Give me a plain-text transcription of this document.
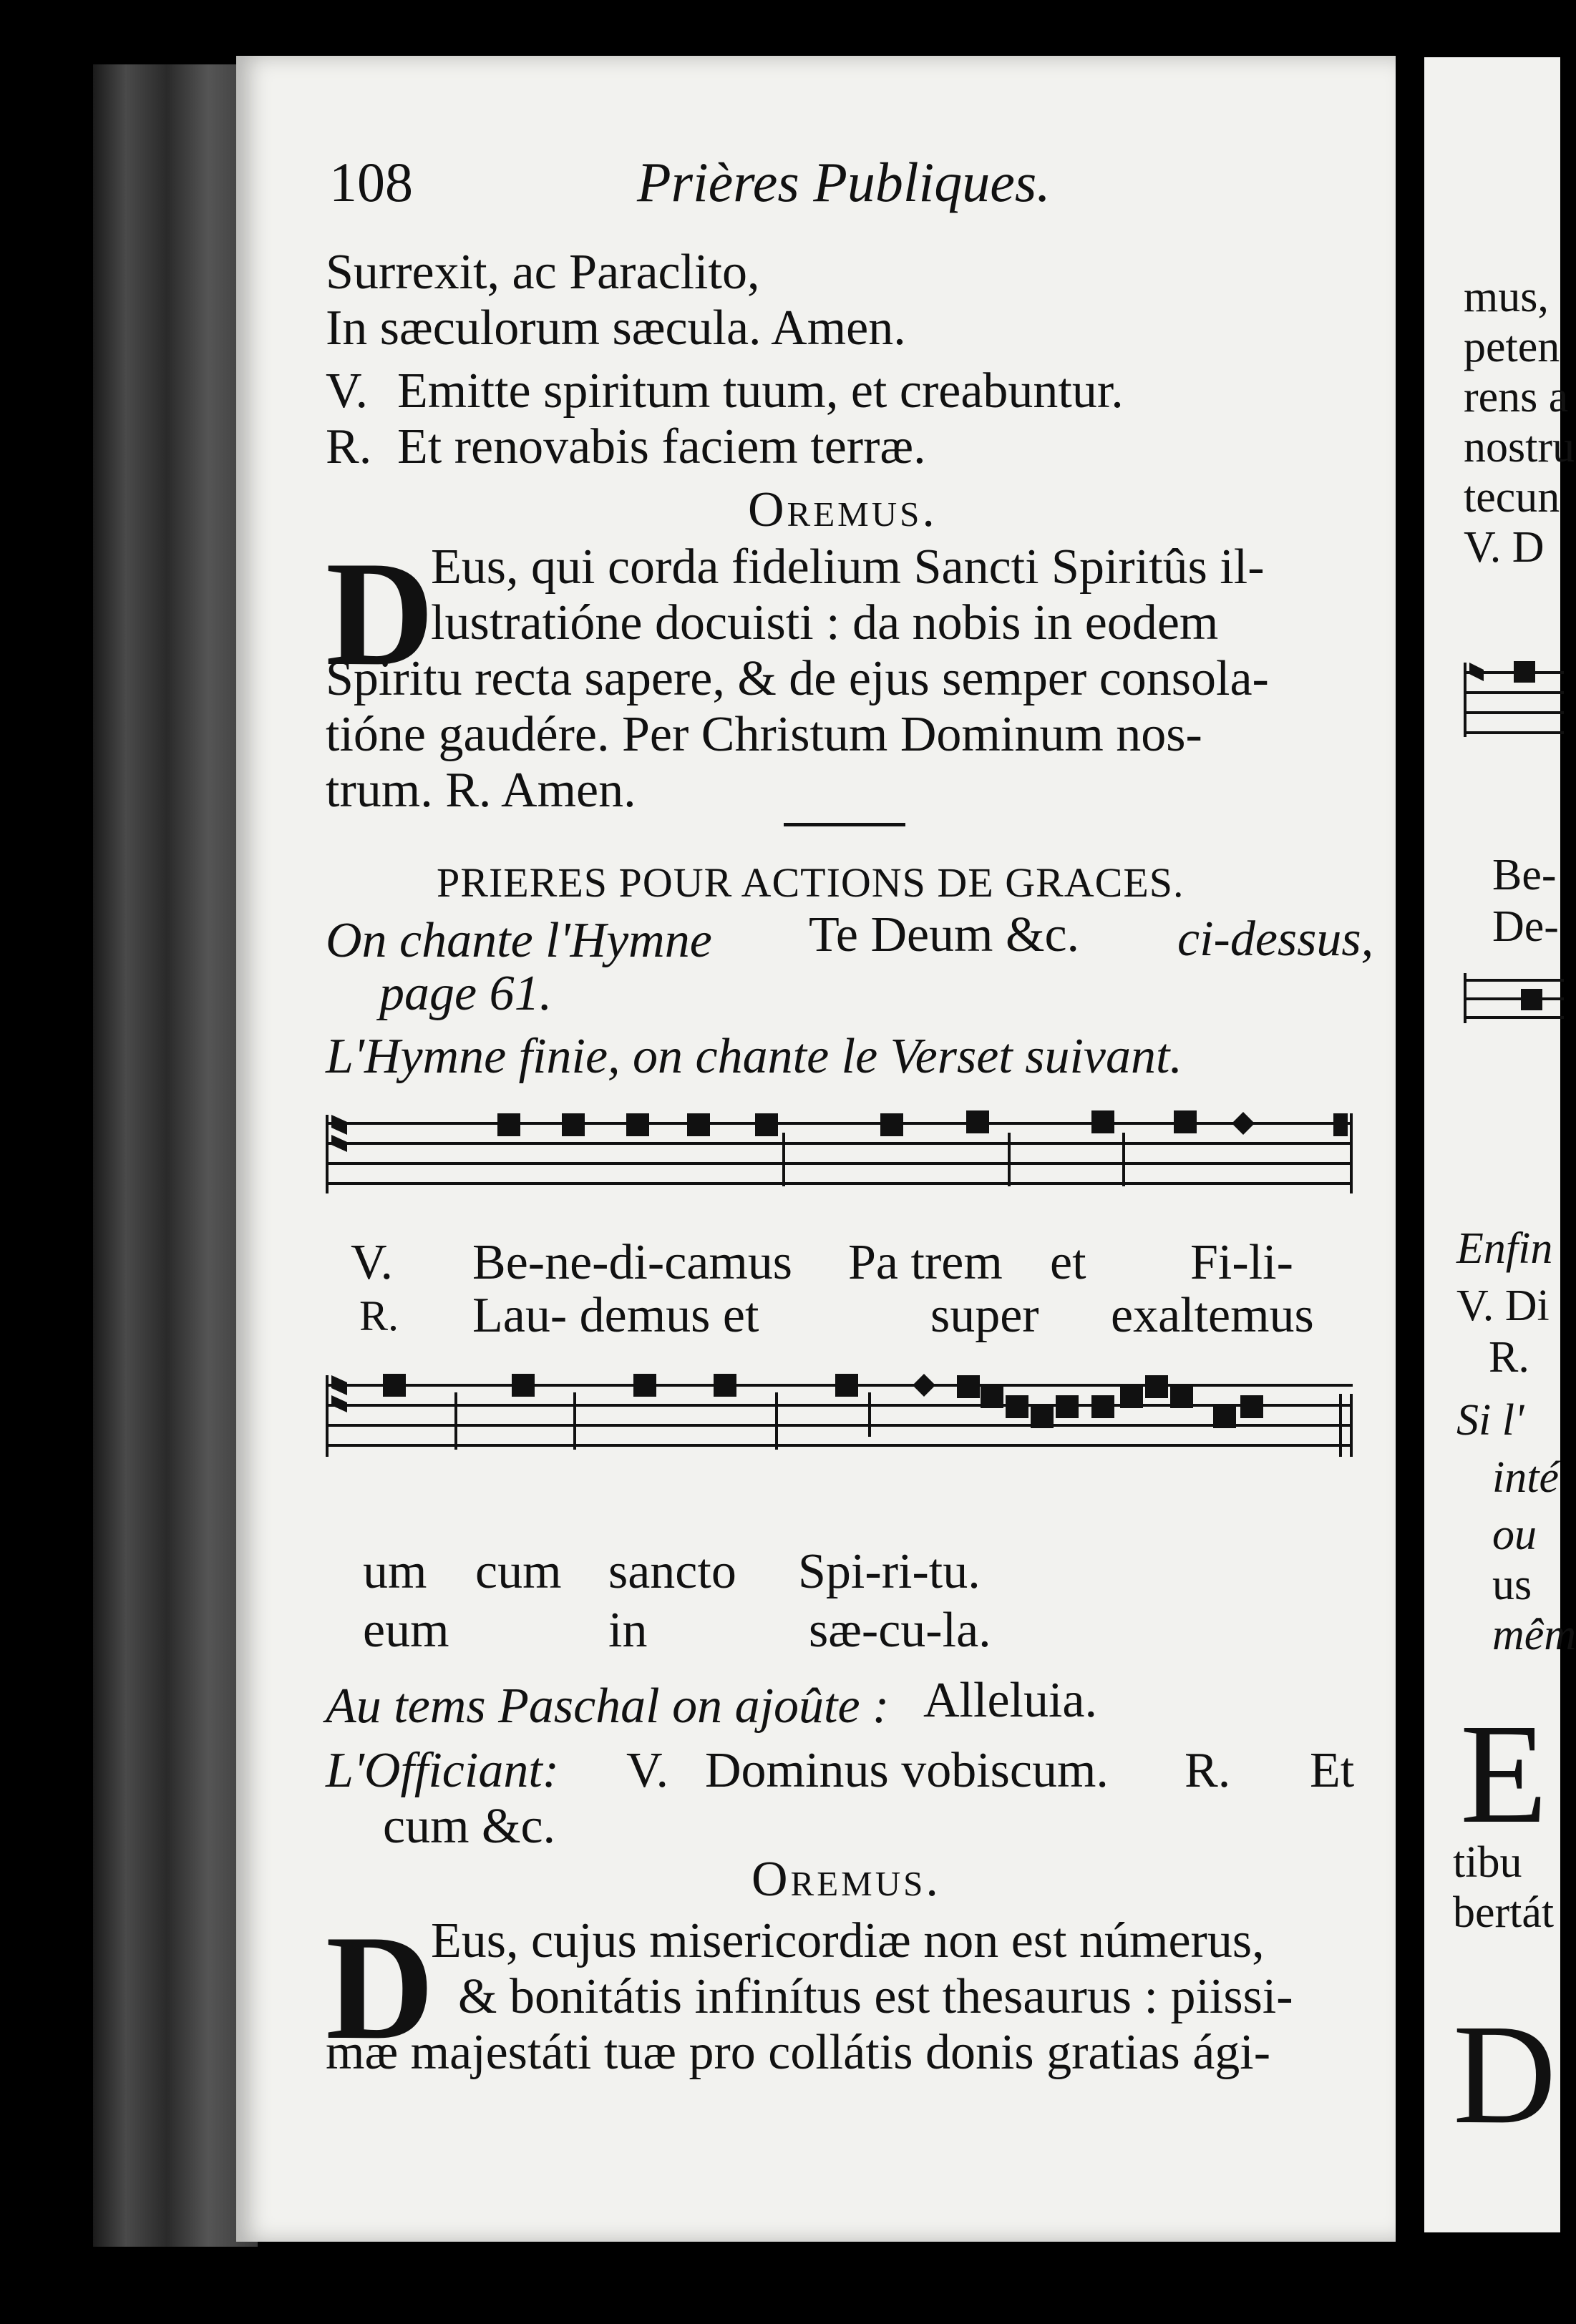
108	Prières Publiques.
Surrexit, ac Paraclito,
In sæculorum sæcula. Amen.
V. Emitte spiritum tuum, et creabuntur.
R. Et renovabis faciem terræ.
Oremus.
D
Eus, qui corda fidelium Sancti Spiritûs il-
lustratióne docuisti : da nobis in eodem
Spiritu recta sapere, & de ejus semper consola-
tióne gaudére. Per Christum Dominum nos-
trum. R. Amen.
PRIERES POUR ACTIONS DE GRACES.
On chante l'Hymne Te Deum &c. ci-dessus,
page 61.
L'Hymne finie, on chante le Verset suivant.
V. Be-ne-di-camus Pa trem et Fi-li-
R. Lau- demus et	super exaltemus
um cum sancto Spi-ri-tu.
eum	in	sæ-cu-la.
Au tems Paschal on ajoûte : Alleluia.
L'Officiant: V. Dominus vobiscum. R. Et
cum &c.
Oremus.
D
Eus, cujus misericordiæ non est númerus,
& bonitátis infinítus est thesaurus : piissi-
mæ majestáti tuæ pro collátis donis gratias ági-
mus,
peten
rens a
nostru
tecun
V. D
Be-
De-
Enfin
V. Di
R.
Si l'
inté
ou
us
mêm
E
tibu
bertát
D
